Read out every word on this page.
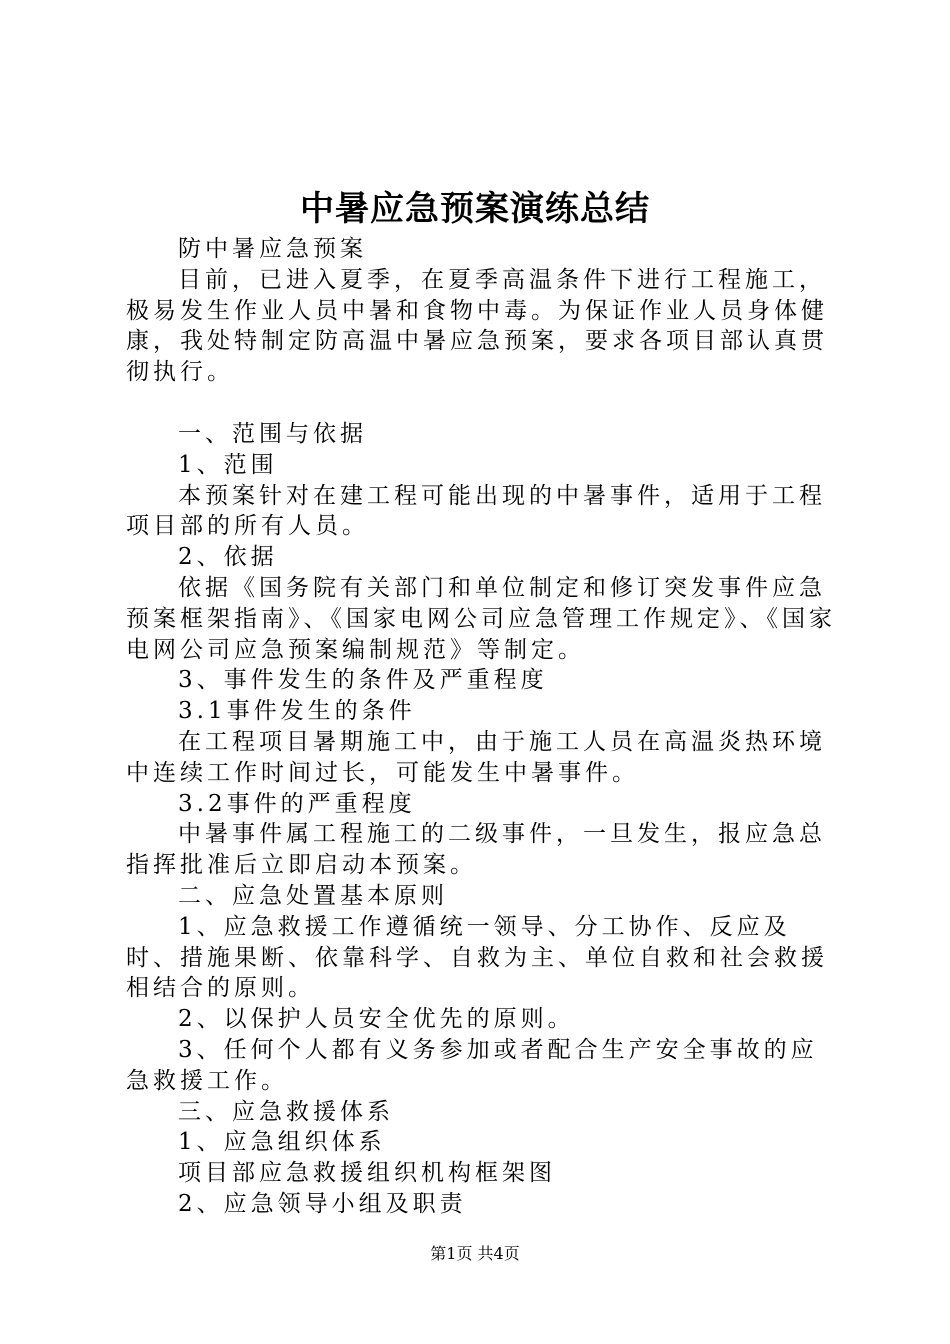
中暑应急预案演练总结

防中暑应急预案

目前，已进入夏季，在夏季高温条件下进行工程施工，极易发生作业人员中暑和食物中毒。为保证作业人员身体健康，我处特制定防高温中暑应急预案，要求各项目部认真贯彻执行。

一、范围与依据

1、范围

本预案针对在建工程可能出现的中暑事件，适用于工程项目部的所有人员。

2、依据

依据《国务院有关部门和单位制定和修订突发事件应急预案框架指南》、《国家电网公司应急管理工作规定》、《国家电网公司应急预案编制规范》等制定。

3、事件发生的条件及严重程度

3.1事件发生的条件

在工程项目暑期施工中，由于施工人员在高温炎热环境中连续工作时间过长，可能发生中暑事件。

3.2事件的严重程度

中暑事件属工程施工的二级事件，一旦发生，报应急总指挥批准后立即启动本预案。

二、应急处置基本原则

1、应急救援工作遵循统一领导、分工协作、反应及时、措施果断、依靠科学、自救为主、单位自救和社会救援相结合的原则。

2、以保护人员安全优先的原则。

3、任何个人都有义务参加或者配合生产安全事故的应急救援工作。

三、应急救援体系

1、应急组织体系

项目部应急救援组织机构框架图

2、应急领导小组及职责

第1页 共4页
